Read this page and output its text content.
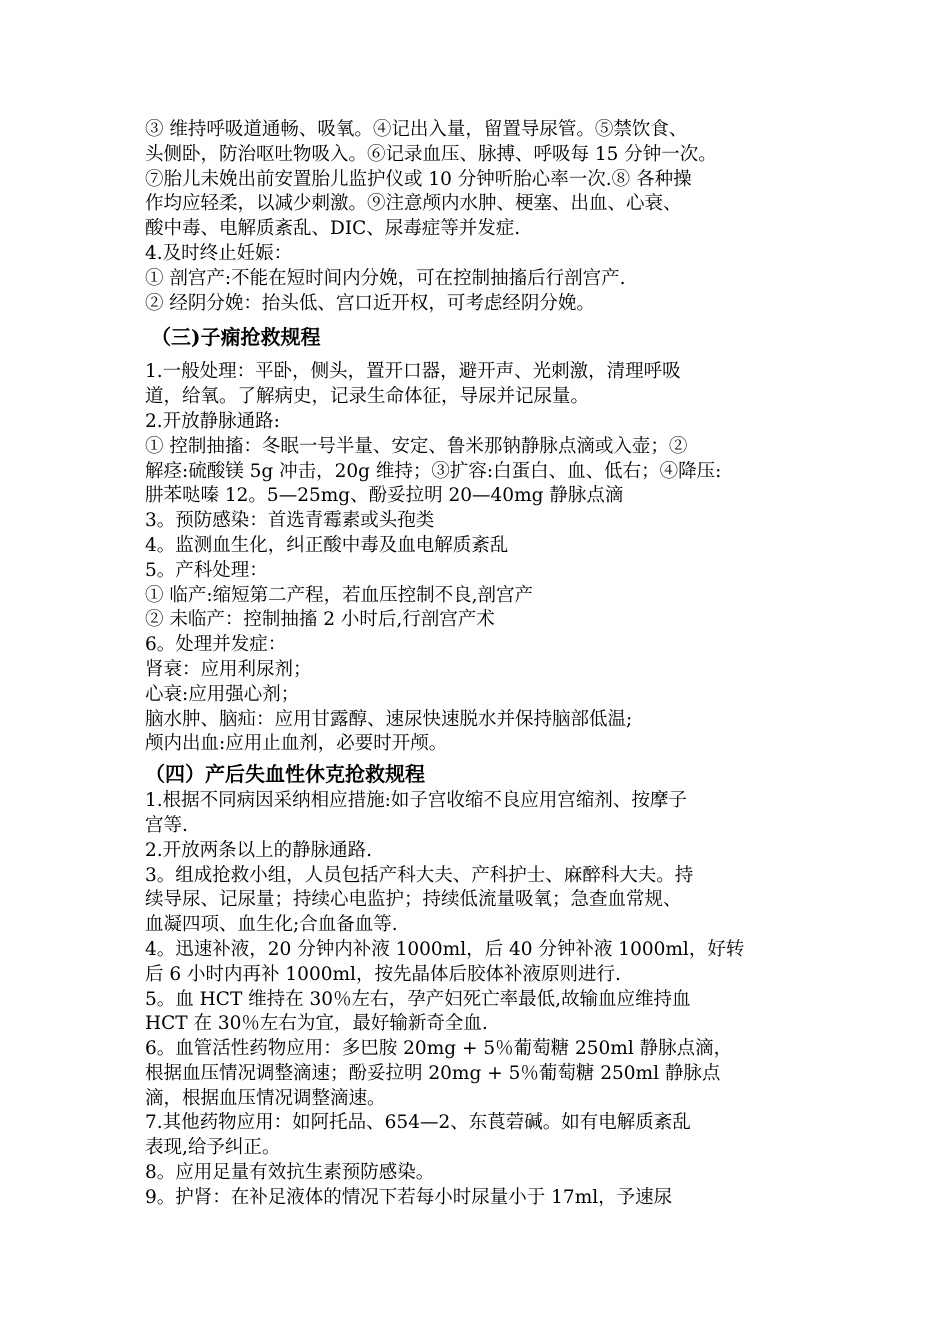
③ 维持呼吸道通畅、吸氧。④记出入量，留置导尿管。⑤禁饮食、
头侧卧，防治呕吐物吸入。⑥记录血压、脉搏、呼吸每 15 分钟一次。
⑦胎儿未娩出前安置胎儿监护仪或 10 分钟听胎心率一次.⑧ 各种操
作均应轻柔，以减少刺激。⑨注意颅内水肿、梗塞、出血、心衰、
酸中毒、电解质紊乱、DIC、尿毒症等并发症.
4.及时终止妊娠：
① 剖宫产:不能在短时间内分娩，可在控制抽搐后行剖宫产.
② 经阴分娩：抬头低、宫口近开权，可考虑经阴分娩。
（三)子痫抢救规程
1.一般处理：平卧，侧头，置开口器，避开声、光刺激，清理呼吸
道，给氧。了解病史，记录生命体征，导尿并记尿量。
2.开放静脉通路:
① 控制抽搐：冬眠一号半量、安定、鲁米那钠静脉点滴或入壶；②
解痉:硫酸镁 5g 冲击，20g 维持；③扩容:白蛋白、血、低右；④降压:
肼苯哒嗪 12。5—25mg、酚妥拉明 20—40mg 静脉点滴
3。预防感染：首选青霉素或头孢类
4。监测血生化，纠正酸中毒及血电解质紊乱
5。产科处理：
① 临产:缩短第二产程，若血压控制不良,剖宫产
② 未临产：控制抽搐 2 小时后,行剖宫产术
6。处理并发症：
肾衰：应用利尿剂；
心衰:应用强心剂；
脑水肿、脑疝：应用甘露醇、速尿快速脱水并保持脑部低温;
颅内出血:应用止血剂，必要时开颅。
（四）产后失血性休克抢救规程
1.根据不同病因采纳相应措施:如子宫收缩不良应用宫缩剂、按摩子
宫等.
2.开放两条以上的静脉通路.
3。组成抢救小组，人员包括产科大夫、产科护士、麻醉科大夫。持
续导尿、记尿量；持续心电监护；持续低流量吸氧；急查血常规、
血凝四项、血生化;合血备血等.
4。迅速补液，20 分钟内补液 1000ml，后 40 分钟补液 1000ml，好转
后 6 小时内再补 1000ml，按先晶体后胶体补液原则进行.
5。血 HCT 维持在 30％左右，孕产妇死亡率最低,故输血应维持血
HCT 在 30％左右为宜，最好输新奇全血.
6。血管活性药物应用：多巴胺 20mg + 5％葡萄糖 250ml 静脉点滴，
根据血压情况调整滴速；酚妥拉明 20mg + 5％葡萄糖 250ml 静脉点
滴，根据血压情况调整滴速。
7.其他药物应用：如阿托品、654—2、东莨菪碱。如有电解质紊乱
表现,给予纠正。
8。应用足量有效抗生素预防感染。
9。护肾：在补足液体的情况下若每小时尿量小于 17ml，予速尿
